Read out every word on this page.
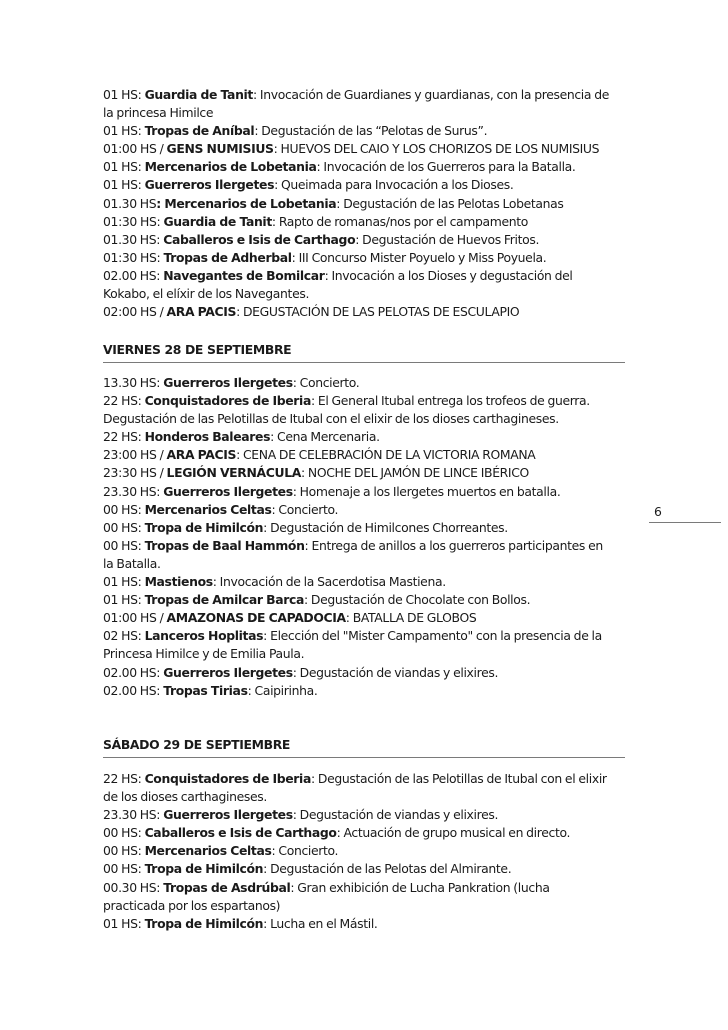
01 HS: Guardia de Tanit: Invocación de Guardianes y guardianas, con la presencia de
la princesa Himilce
01 HS: Tropas de Aníbal: Degustación de las “Pelotas de Surus”.
01:00 HS / GENS NUMISIUS: HUEVOS DEL CAIO Y LOS CHORIZOS DE LOS NUMISIUS
01 HS: Mercenarios de Lobetania: Invocación de los Guerreros para la Batalla.
01 HS: Guerreros Ilergetes: Queimada para Invocación a los Dioses.
01.30 HS: Mercenarios de Lobetania: Degustación de las Pelotas Lobetanas
01:30 HS: Guardia de Tanit: Rapto de romanas/nos por el campamento
01.30 HS: Caballeros e Isis de Carthago: Degustación de Huevos Fritos.
01:30 HS: Tropas de Adherbal: III Concurso Mister Poyuelo y Miss Poyuela.
02.00 HS: Navegantes de Bomilcar: Invocación a los Dioses y degustación del
Kokabo, el elíxir de los Navegantes.
02:00 HS / ARA PACIS: DEGUSTACIÓN DE LAS PELOTAS DE ESCULAPIO
VIERNES 28 DE SEPTIEMBRE
13.30 HS: Guerreros Ilergetes: Concierto.
22 HS: Conquistadores de Iberia: El General Itubal entrega los trofeos de guerra.
Degustación de las Pelotillas de Itubal con el elixir de los dioses carthagineses.
22 HS: Honderos Baleares: Cena Mercenaria.
23:00 HS / ARA PACIS: CENA DE CELEBRACIÓN DE LA VICTORIA ROMANA
23:30 HS / LEGIÓN VERNÁCULA: NOCHE DEL JAMÓN DE LINCE IBÉRICO
23.30 HS: Guerreros Ilergetes: Homenaje a los Ilergetes muertos en batalla.
00 HS: Mercenarios Celtas: Concierto.
00 HS: Tropa de Himilcón: Degustación de Himilcones Chorreantes.
00 HS: Tropas de Baal Hammón: Entrega de anillos a los guerreros participantes en
la Batalla.
01 HS: Mastienos: Invocación de la Sacerdotisa Mastiena.
01 HS: Tropas de Amilcar Barca: Degustación de Chocolate con Bollos.
01:00 HS / AMAZONAS DE CAPADOCIA: BATALLA DE GLOBOS
02 HS: Lanceros Hoplitas: Elección del "Mister Campamento" con la presencia de la
Princesa Himilce y de Emilia Paula.
02.00 HS: Guerreros Ilergetes: Degustación de viandas y elixires.
02.00 HS: Tropas Tirias: Caipirinha.
SÁBADO 29 DE SEPTIEMBRE
22 HS: Conquistadores de Iberia: Degustación de las Pelotillas de Itubal con el elixir
de los dioses carthagineses.
23.30 HS: Guerreros Ilergetes: Degustación de viandas y elixires.
00 HS: Caballeros e Isis de Carthago: Actuación de grupo musical en directo.
00 HS: Mercenarios Celtas: Concierto.
00 HS: Tropa de Himilcón: Degustación de las Pelotas del Almirante.
00.30 HS: Tropas de Asdrúbal: Gran exhibición de Lucha Pankration (lucha
practicada por los espartanos)
01 HS: Tropa de Himilcón: Lucha en el Mástil.
6
